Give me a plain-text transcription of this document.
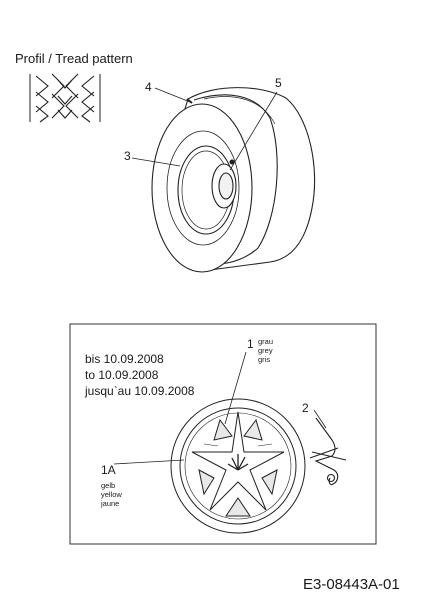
Profil / Tread pattern
4	5
3
bis 10.09.2008
to 10.09.2008
jusqu`au 10.09.2008
1 grau
grey
gris
2
1A
gelb
yellow
jaune
E3-08443A-01
